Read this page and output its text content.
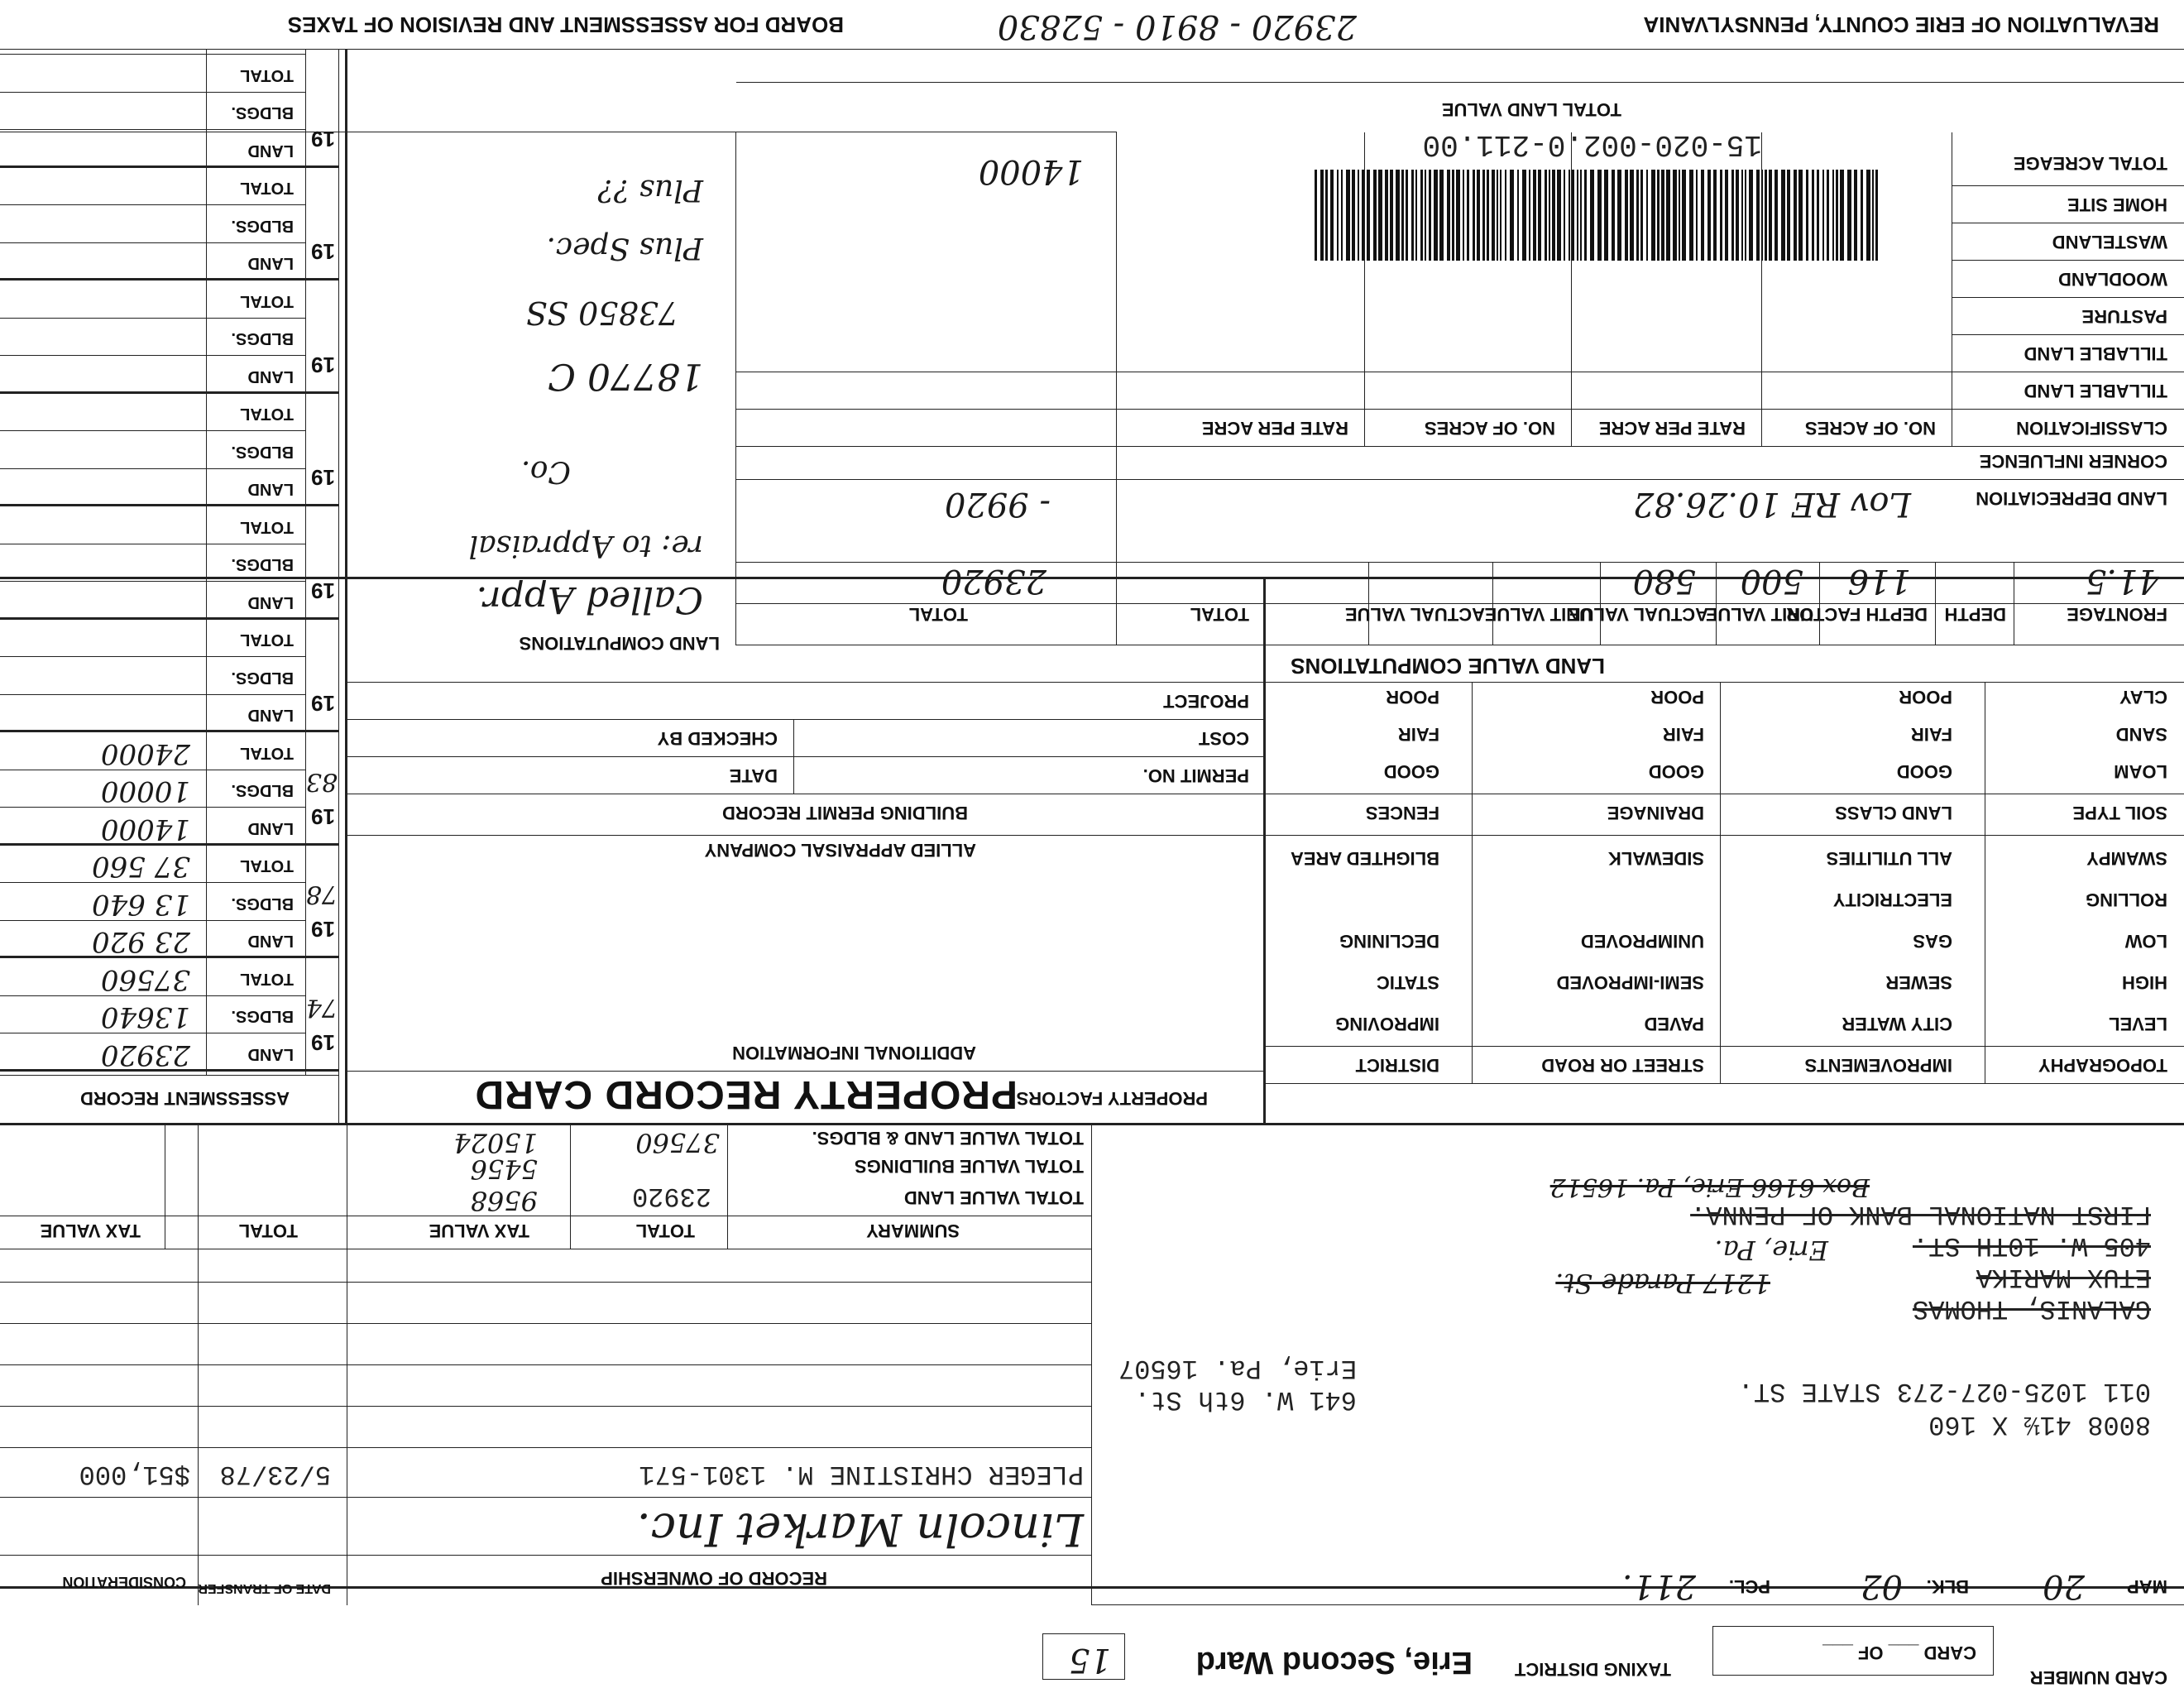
CARD NUMBER
CARD ___ OF ___
TAXING DISTRICT
Erie, Second Ward
15
MAP
20
BLK.
02
PCL.
211.
8008 41½ X 160
011 1025-027-273 STATE ST.
641 W. 6th St.
Erie, Pa. 16507
GALANIS, THOMAS
ETUX MARIKA
405 W. 10TH ST.
FIRST NATIONAL BANK OF PENNA.
1217 Parade St.
Erie, Pa.
Box 6166 Erie, Pa. 16512
RECORD OF OWNERSHIP
DATE OF TRANSFER
CONSIDERATION
Lincoln Market Inc.
PLEGER CHRISTINE M. 1301-571
5/23/78
$51,000
SUMMARY
TOTAL
TAX VALUE
TOTAL
TAX VALUE
TOTAL VALUE LAND
23920
9568
TOTAL VALUE BUILDINGS
5456
TOTAL VALUE LAND & BLDGS.
37560
15024
PROPERTY FACTORS
TOPOGRAPHY
IMPROVEMENTS
STREET OR ROAD
DISTRICT
LEVEL
HIGH
LOW
ROLLING
SWAMPY
CITY WATER
SEWER
GAS
ELECTRICITY
ALL UTILITIES
PAVED
SEMI-IMPROVED
UNIMPROVED
SIDEWALK
IMPROVING
STATIC
DECLINING
BLIGHTED AREA
SOIL TYPE
LAND CLASS
DRAINAGE
FENCES
LOAM
SAND
CLAY
GOOD
FAIR
POOR
GOOD
FAIR
POOR
GOOD
FAIR
POOR
PROPERTY RECORD CARD
ADDITIONAL INFORMATION
ALLIED APPRAISAL COMPANY
BUILDING PERMIT RECORD
PERMIT NO.
DATE
COST
CHECKED BY
PROJECT
ASSESSMENT RECORD
LAND 19
BLDGS.
TOTAL
LAND 19
BLDGS.
TOTAL
LAND 19
BLDGS.
TOTAL
LAND 19
BLDGS.
TOTAL
LAND 19
BLDGS.
TOTAL
LAND 19
BLDGS.
TOTAL
LAND 19
BLDGS.
TOTAL
LAND 19
BLDGS.
TOTAL
LAND 19
BLDGS.
TOTAL
23920
13640
37560
23 920
13 640
37 560
14000
10000
24000
74
78
83
LAND VALUE COMPUTATIONS
LAND COMPUTATIONS
FRONTAGE
DEPTH
DEPTH FACTOR
UNIT VALUE
ACTUAL VALUE
UNIT VALUE
ACTUAL VALUE
TOTAL
TOTAL
41.5
116
500
580
23920
Lov RE 10.26.82
- 9920	LAND DEPRECIATION
CORNER INFLUENCE
CLASSIFICATION
NO. OF ACRES
RATE PER ACRE
NO. OF ACRES
RATE PER ACRE
TILLABLE LAND
TILLABLE LAND
PASTURE
WOODLAND
WASTELAND
HOME SITE
TOTAL ACREAGE
15-020-002.0-211.00
TOTAL LAND VALUE
14000
Called Appr.
re: to Appraisal
Co.
18770 C
73850 SS
Plus Spec.
Plus ??
REVALUATION OF ERIE COUNTY, PENNSYLVANIA
23920 - 8910 - 52830
BOARD FOR ASSESSMENT AND REVISION OF TAXES
